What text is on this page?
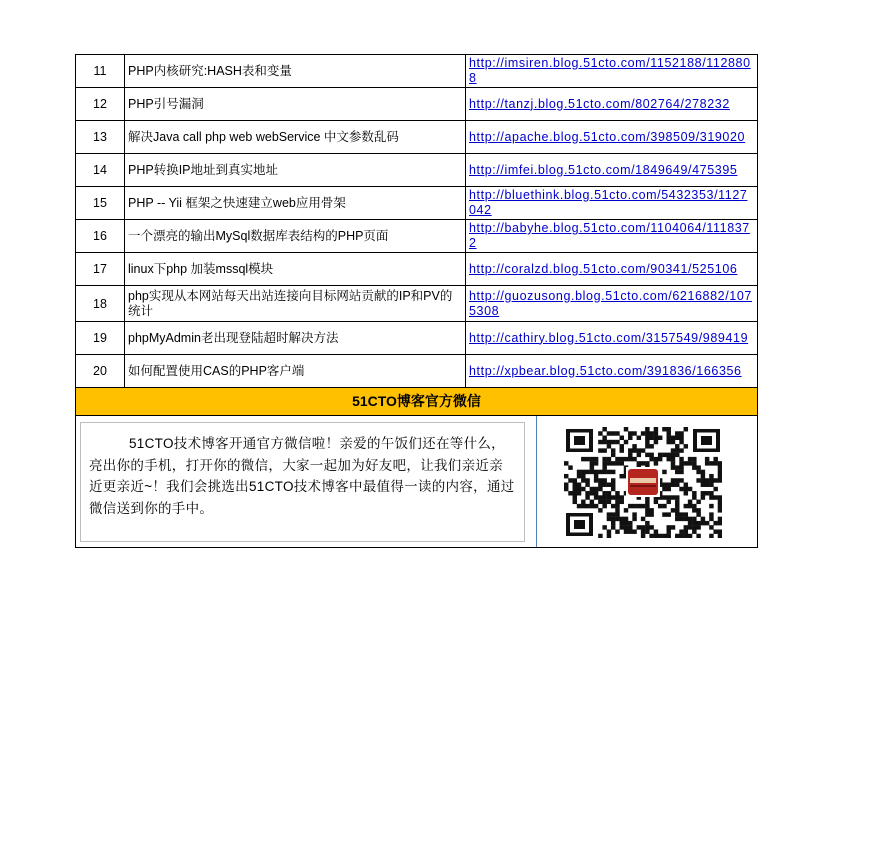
11	PHP内核研究:HASH表和变量	http://imsiren.blog.51cto.com/1152188/1128808
12	PHP引号漏洞	http://tanzj.blog.51cto.com/802764/278232
13	解决Java call php web webService 中文参数乱码	http://apache.blog.51cto.com/398509/319020
14	PHP转换IP地址到真实地址	http://imfei.blog.51cto.com/1849649/475395
15	PHP -- Yii 框架之快速建立web应用骨架	http://bluethink.blog.51cto.com/5432353/1127042
16	一个漂亮的输出MySql数据库表结构的PHP页面	http://babyhe.blog.51cto.com/1104064/1118372
17	linux下php 加装mssql模块	http://coralzd.blog.51cto.com/90341/525106
18	php实现从本网站每天出站连接向目标网站贡献的IP和PV的统计	http://guozusong.blog.51cto.com/6216882/1075308
19	phpMyAdmin老出现登陆超时解决方法	http://cathiry.blog.51cto.com/3157549/989419
20	如何配置使用CAS的PHP客户端	http://xpbear.blog.51cto.com/391836/166356
51CTO博客官方微信
51CTO技术博客开通官方微信啦！亲爱的午饭们还在等什么，亮出你的手机，打开你的微信，大家一起加为好友吧，让我们亲近亲近更亲近~！我们会挑选出51CTO技术博客中最值得一读的内容，通过微信送到你的手中。
